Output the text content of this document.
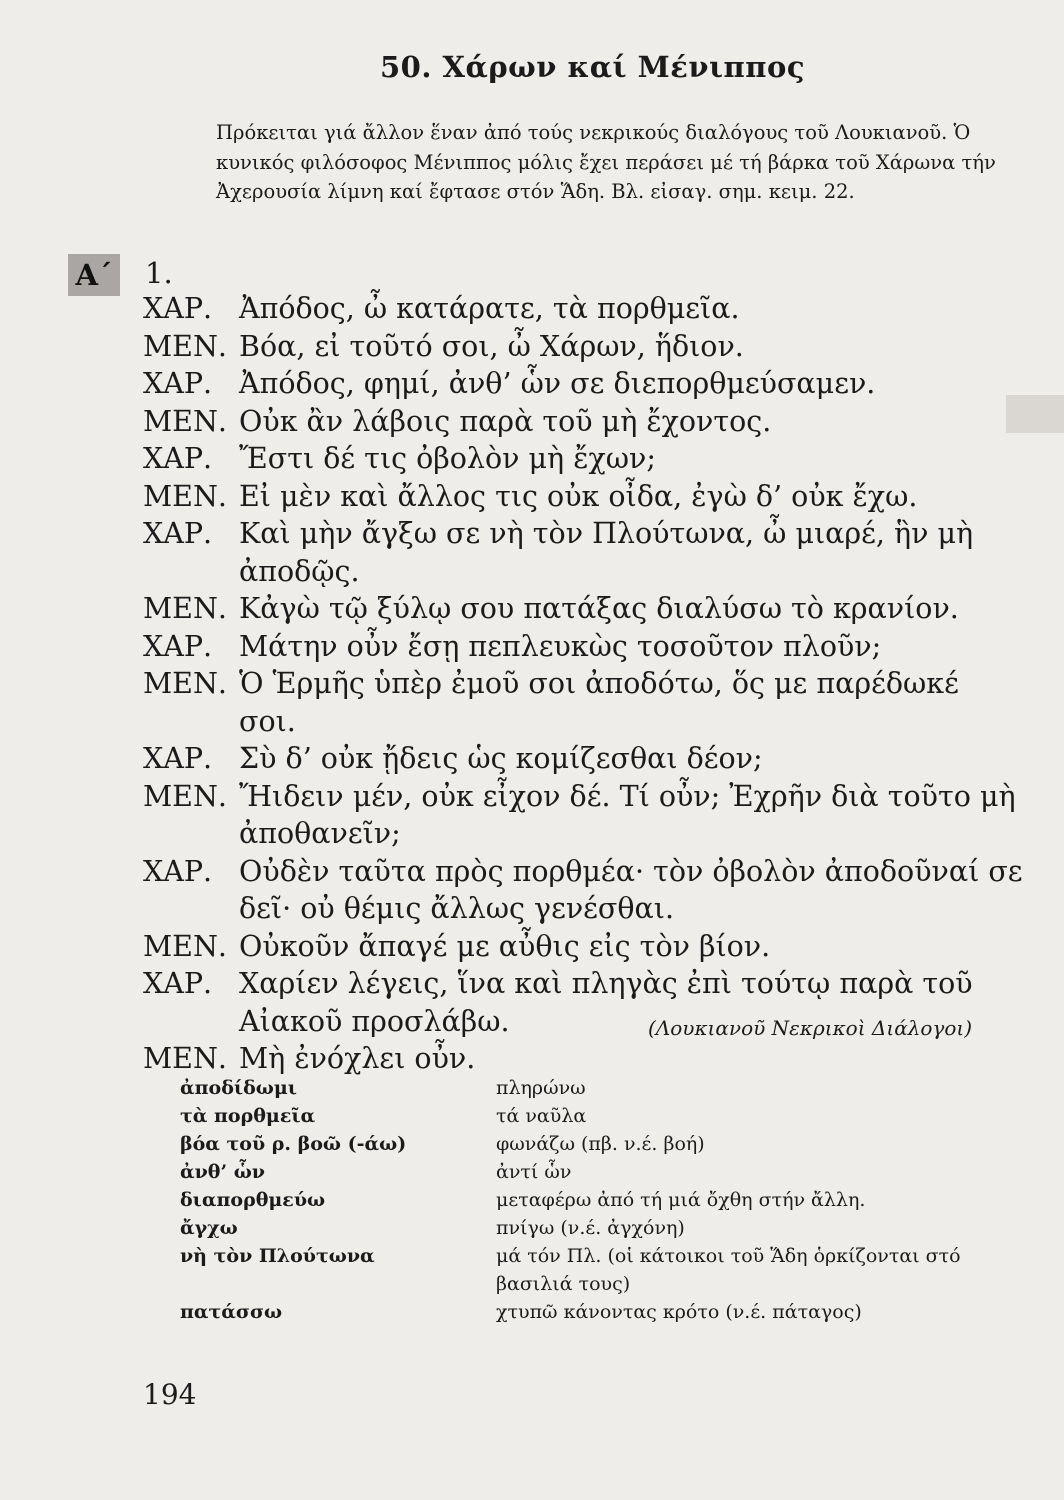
50. Χάρων καί Μένιππος
Πρόκειται γιά ἄλλον ἕναν ἀπό τούς νεκρικούς διαλόγους τοῦ Λουκιανοῦ. Ὁ κυνικός φιλόσοφος Μένιππος μόλις ἔχει περάσει μέ τή βάρκα τοῦ Χάρωνα τήν Ἀχερουσία λίμνη καί ἔφτασε στόν Ἅδη. Βλ. εἰσαγ. σημ. κειμ. 22.
Α΄ 1.
ΧΑΡ. Ἀπόδος, ὦ κατάρατε, τὰ πορθμεῖα.
ΜΕΝ. Βόα, εἰ τοῦτό σοι, ὦ Χάρων, ἥδιον.
ΧΑΡ. Ἀπόδος, φημί, ἀνθ’ ὧν σε διεπορθμεύσαμεν.
ΜΕΝ. Οὐκ ἂν λάβοις παρὰ τοῦ μὴ ἔχοντος.
ΧΑΡ. Ἔστι δέ τις ὀβολὸν μὴ ἔχων;
ΜΕΝ. Εἰ μὲν καὶ ἄλλος τις οὐκ οἶδα, ἐγὼ δ’ οὐκ ἔχω.
ΧΑΡ. Καὶ μὴν ἄγξω σε νὴ τὸν Πλούτωνα, ὦ μιαρέ, ἣν μὴ ἀποδῷς.
ΜΕΝ. Κἀγὼ τῷ ξύλῳ σου πατάξας διαλύσω τὸ κρανίον.
ΧΑΡ. Μάτην οὖν ἔσῃ πεπλευκὼς τοσοῦτον πλοῦν;
ΜΕΝ. Ὁ Ἑρμῆς ὑπὲρ ἐμοῦ σοι ἀποδότω, ὅς με παρέδωκέ σοι.
ΧΑΡ. Σὺ δ’ οὐκ ᾔδεις ὡς κομίζεσθαι δέον;
ΜΕΝ. Ἤιδειν μέν, οὐκ εἶχον δέ. Τί οὖν; Ἐχρῆν διὰ τοῦτο μὴ ἀποθανεῖν;
ΧΑΡ. Οὐδὲν ταῦτα πρὸς πορθμέα· τὸν ὀβολὸν ἀποδοῦναί σε δεῖ· οὐ θέμις ἄλλως γενέσθαι.
ΜΕΝ. Οὐκοῦν ἄπαγέ με αὖθις εἰς τὸν βίον.
ΧΑΡ. Χαρίεν λέγεις, ἵνα καὶ πληγὰς ἐπὶ τούτῳ παρὰ τοῦ Αἰακοῦ προσλάβω.
ΜΕΝ. Μὴ ἐνόχλει οὖν.
(Λουκιανοῦ Νεκρικοὶ Διάλογοι)
ἀποδίδωμι	πληρώνω
τὰ πορθμεῖα	τά ναῦλα
βόα τοῦ ρ. βοῶ (-άω)	φωνάζω (πβ. ν.έ. βοή)
ἀνθ’ ὧν	ἀντί ὧν
διαπορθμεύω	μεταφέρω ἀπό τή μιά ὄχθη στήν ἄλλη.
ἄγχω	πνίγω (ν.έ. ἀγχόνη)
νὴ τὸν Πλούτωνα	μά τόν Πλ. (οἱ κάτοικοι τοῦ Ἅδη ὁρκίζονται στό βασιλιά τους)
πατάσσω	χτυπῶ κάνοντας κρότο (ν.έ. πάταγος)
194
